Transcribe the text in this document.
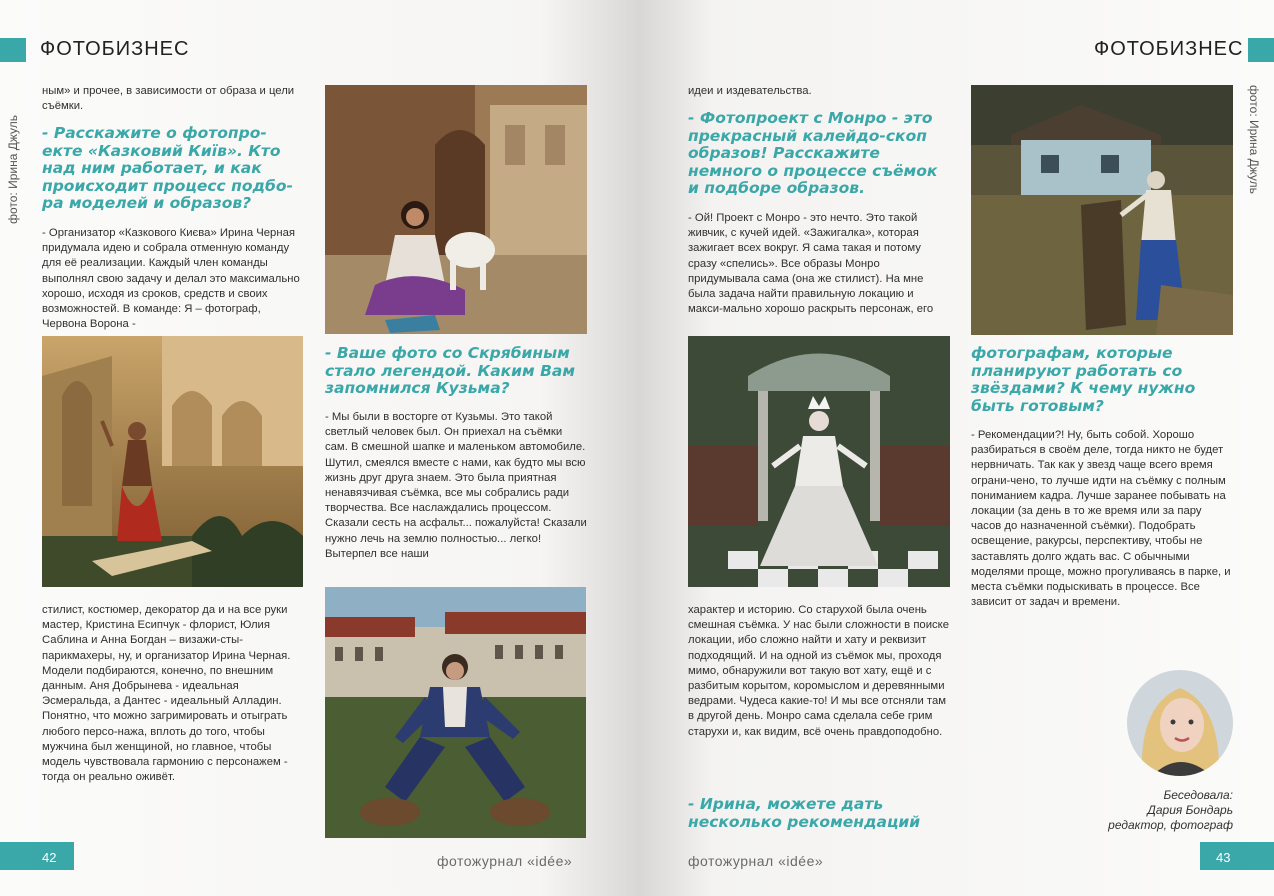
ФОТОБИЗНЕС
фото: Ирина Джуль
ным» и прочее, в зависимости от образа и цели съёмки.
- Расскажите о фотопро-екте «Казковий Київ». Кто над ним работает, и как происходит процесс подбо-ра моделей и образов?
- Организатор «Казкового Києва» Ирина Черная придумала идею и собрала отменную команду для её реализации. Каждый член команды выполнял свою задачу и делал это максимально хорошо, исходя из сроков, средств и своих возможностей. В команде: Я – фотограф, Червона Ворона -
стилист, костюмер, декоратор да и на все руки мастер, Кристина Есипчук - флорист, Юлия Саблина и Анна Богдан – визажи-сты-парикмахеры, ну, и организатор Ирина Черная. Модели подбираются, конечно, по внешним данным. Аня Добрынева - идеальная Эсмеральда, а Дантес - идеальный Алладин. Понятно, что можно загримировать и отыграть любого персо-нажа, вплоть до того, чтобы мужчина был женщиной, но главное, чтобы модель чувствовала гармонию с персонажем - тогда он реально оживёт.
- Ваше фото со Скрябиным стало легендой. Каким Вам запомнился Кузьма?
- Мы были в восторге от Кузьмы. Это такой светлый человек был. Он приехал на съёмки сам. В смешной шапке и маленьком автомобиле. Шутил, смеялся вместе с нами, как будто мы всю жизнь друг друга знаем. Это была приятная ненавязчивая съёмка, все мы собрались ради творчества. Все наслаждались процессом. Сказали сесть на асфальт... пожалуйста! Сказали нужно лечь на землю полностью... легко! Вытерпел все наши
42	фотожурнал «idée»
ФОТОБИЗНЕС
фото: Ирина Джуль
идеи и издевательства.
- Фотопроект с Монро - это прекрасный калейдо-скоп образов! Расскажите немного о процессе съёмок и подборе образов.
- Ой! Проект с Монро - это нечто. Это такой живчик, с кучей идей. «Зажигалка», которая зажигает всех вокруг. Я сама такая и потому сразу «спелись». Все образы Монро придумывала сама (она же стилист). На мне была задача найти правильную локацию и макси-мально хорошо раскрыть персонаж, его
характер и историю. Со старухой была очень смешная съёмка. У нас были сложности в поиске локации, ибо сложно найти и хату и реквизит подходящий. И на одной из съёмок мы, проходя мимо, обнаружили вот такую вот хату, ещё и с разбитым корытом, коромыслом и деревянными ведрами. Чудеса какие-то! И мы все отсняли там в другой день. Монро сама сделала себе грим старухи и, как видим, всё очень правдоподобно.
- Ирина, можете дать несколько рекомендаций
фотографам, которые планируют работать со звёздами? К чему нужно быть готовым?
- Рекомендации?! Ну, быть собой. Хорошо разбираться в своём деле, тогда никто не будет нервничать. Так как у звезд чаще всего время ограни-чено, то лучше идти на съёмку с полным пониманием кадра. Лучше заранее побывать на локации (за день в то же время или за пару часов до назначенной съёмки). Подобрать освещение, ракурсы, перспективу, чтобы не заставлять долго ждать вас. С обычными моделями проще, можно прогуливаясь в парке, и места съёмки подыскивать в процессе. Все зависит от задач и времени.
Беседовала:
Дария Бондарь
редактор, фотограф
фотожурнал «idée»	43
